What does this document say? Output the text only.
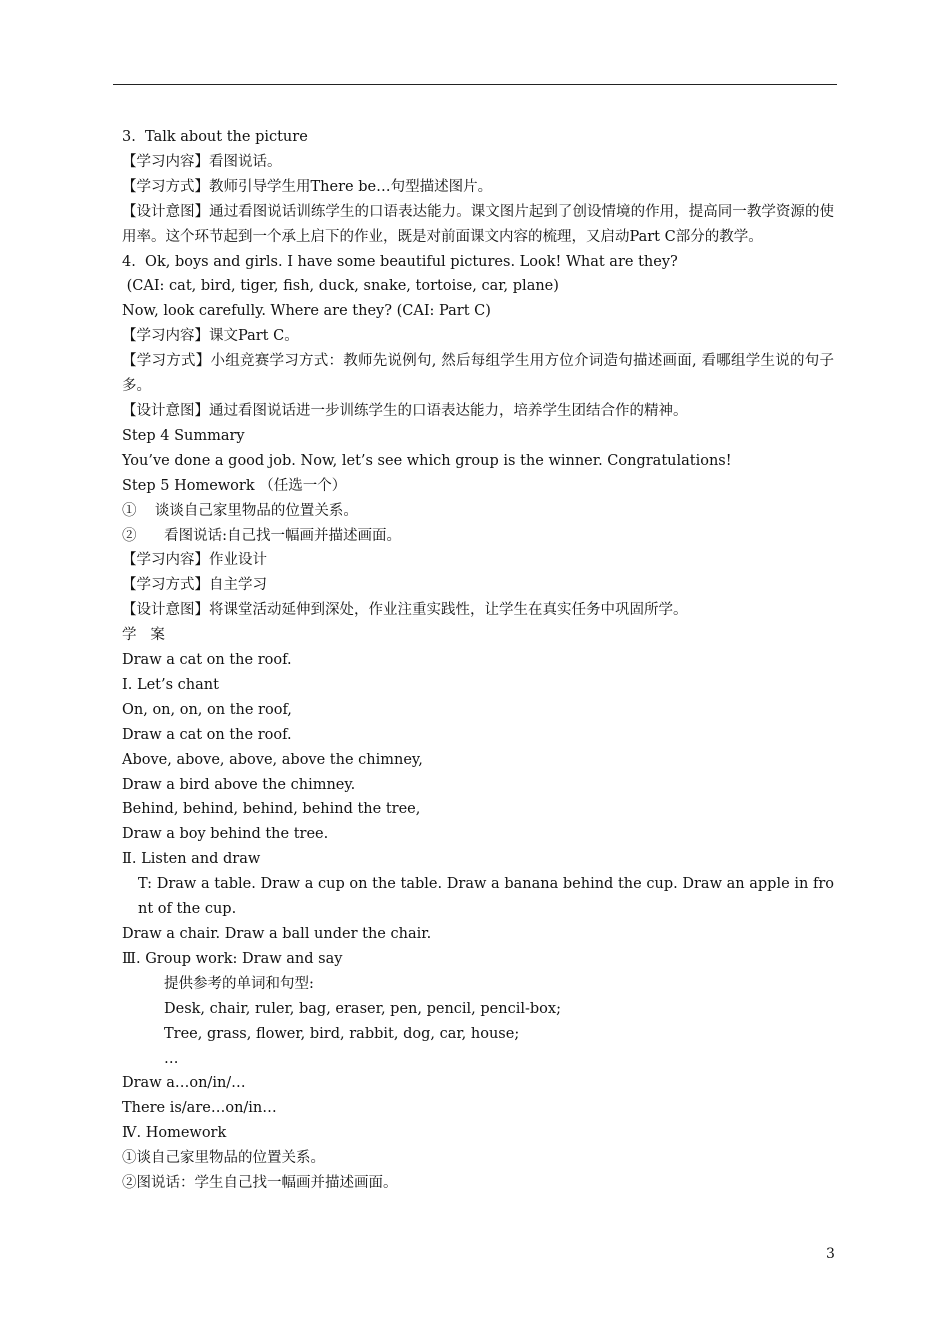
3.  Talk about the picture

【学习内容】看图说话。

【学习方式】教师引导学生用There be…句型描述图片。

【设计意图】通过看图说话训练学生的口语表达能力。课文图片起到了创设情境的作用，提高同一教学资源的使用率。这个环节起到一个承上启下的作业，既是对前面课文内容的梳理，又启动Part C部分的教学。

4.  Ok, boys and girls. I have some beautiful pictures. Look! What are they?

(CAI: cat, bird, tiger, fish, duck, snake, tortoise, car, plane)

Now, look carefully. Where are they? (CAI: Part C)

【学习内容】课文Part C。

【学习方式】小组竞赛学习方式：教师先说例句, 然后每组学生用方位介词造句描述画面, 看哪组学生说的句子多。

【设计意图】通过看图说话进一步训练学生的口语表达能力，培养学生团结合作的精神。

Step 4 Summary

You’ve done a good job. Now, let’s see which group is the winner. Congratulations!

Step 5 Homework （任选一个）

①    谈谈自己家里物品的位置关系。

②      看图说话:自己找一幅画并描述画面。

【学习内容】作业设计

【学习方式】自主学习

【设计意图】将课堂活动延伸到深处，作业注重实践性，让学生在真实任务中巩固所学。

学   案

Draw a cat on the roof.

Ⅰ. Let’s chant

On, on, on, on the roof,

Draw a cat on the roof.

Above, above, above, above the chimney,

Draw a bird above the chimney.

Behind, behind, behind, behind the tree,

Draw a boy behind the tree.

Ⅱ. Listen and draw

T: Draw a table. Draw a cup on the table. Draw a banana behind the cup. Draw an apple in front of the cup.

Draw a chair. Draw a ball under the chair.

Ⅲ. Group work: Draw and say

提供参考的单词和句型:

Desk, chair, ruler, bag, eraser, pen, pencil, pencil-box;

Tree, grass, flower, bird, rabbit, dog, car, house;

…

Draw a…on/in/…

There is/are…on/in…

Ⅳ. Homework

①谈自己家里物品的位置关系。

②图说话：学生自己找一幅画并描述画面。

3
